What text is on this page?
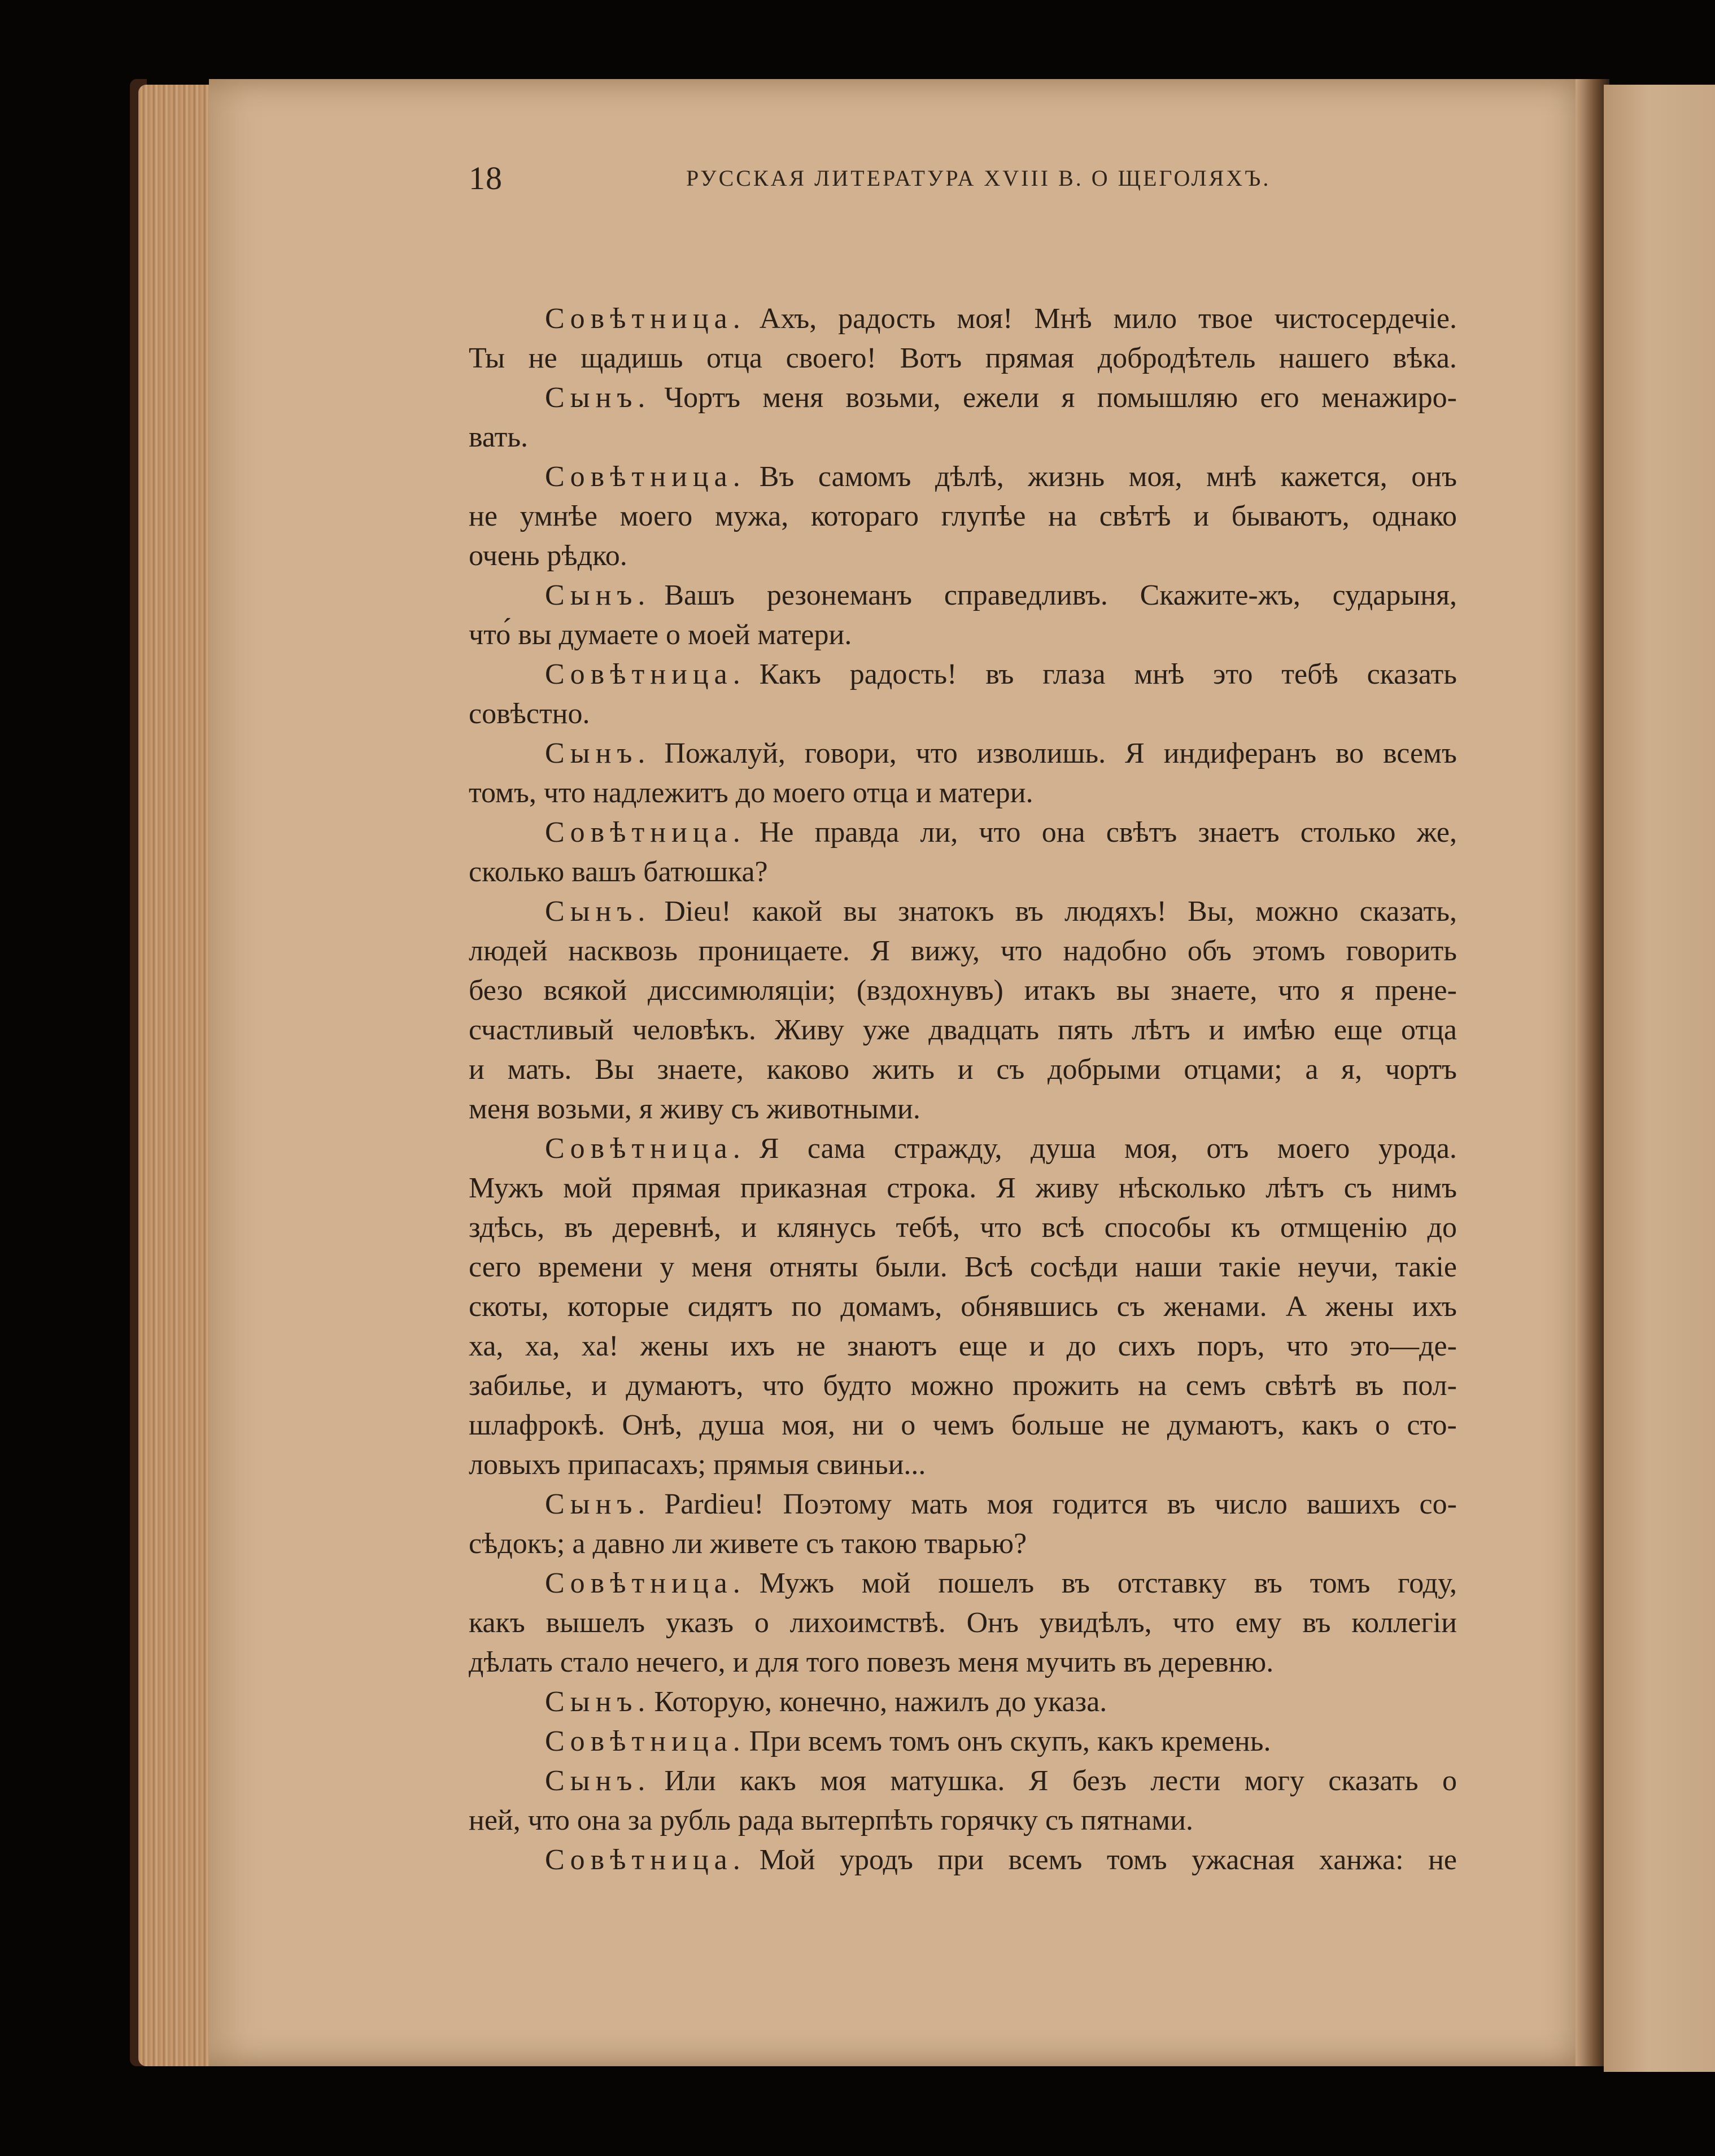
18	РУССКАЯ ЛИТЕРАТУРА XVIII В. О ЩЕГОЛЯХЪ.
Совѣтница. Ахъ, радость моя! Мнѣ мило твое чистосердечіе.
Ты не щадишь отца своего! Вотъ прямая добродѣтель нашего вѣка.
Сынъ. Чортъ меня возьми, ежели я помышляю его менажиро-
вать.
Совѣтница. Въ самомъ дѣлѣ, жизнь моя, мнѣ кажется, онъ
не умнѣе моего мужа, котораго глупѣе на свѣтѣ и бываютъ, однако
очень рѣдко.
Сынъ. Вашъ резонеманъ справедливъ. Скажите-жъ, сударыня,
что́ вы думаете о моей матери.
Совѣтница. Какъ радость! въ глаза мнѣ это тебѣ сказать
совѣстно.
Сынъ. Пожалуй, говори, что изволишь. Я индиферанъ во всемъ
томъ, что надлежитъ до моего отца и матери.
Совѣтница. Не правда ли, что она свѣтъ знаетъ столько же,
сколько вашъ батюшка?
Сынъ. Dieu! какой вы знатокъ въ людяхъ! Вы, можно сказать,
людей насквозь проницаете. Я вижу, что надобно объ этомъ говорить
безо всякой диссимюляціи; (вздохнувъ) итакъ вы знаете, что я прене-
счастливый человѣкъ. Живу уже двадцать пять лѣтъ и имѣю еще отца
и мать. Вы знаете, каково жить и съ добрыми отцами; а я, чортъ
меня возьми, я живу съ животными.
Совѣтница. Я сама стражду, душа моя, отъ моего урода.
Мужъ мой прямая приказная строка. Я живу нѣсколько лѣтъ съ нимъ
здѣсь, въ деревнѣ, и клянусь тебѣ, что всѣ способы къ отмщенію до
сего времени у меня отняты были. Всѣ сосѣди наши такіе неучи, такіе
скоты, которые сидятъ по домамъ, обнявшись съ женами. А жены ихъ
ха, ха, ха! жены ихъ не знаютъ еще и до сихъ поръ, что это—де-
забилье, и думаютъ, что будто можно прожить на семъ свѣтѣ въ пол-
шлафрокѣ. Онѣ, душа моя, ни о чемъ больше не думаютъ, какъ о сто-
ловыхъ припасахъ; прямыя свиньи...
Сынъ. Pardieu! Поэтому мать моя годится въ число вашихъ со-
сѣдокъ; а давно ли живете съ такою тварью?
Совѣтница. Мужъ мой пошелъ въ отставку въ томъ году,
какъ вышелъ указъ о лихоимствѣ. Онъ увидѣлъ, что ему въ коллегіи
дѣлать стало нечего, и для того повезъ меня мучить въ деревню.
Сынъ. Которую, конечно, нажилъ до указа.
Совѣтница. При всемъ томъ онъ скупъ, какъ кремень.
Сынъ. Или какъ моя матушка. Я безъ лести могу сказать о
ней, что она за рубль рада вытерпѣть горячку съ пятнами.
Совѣтница. Мой уродъ при всемъ томъ ужасная ханжа: не
